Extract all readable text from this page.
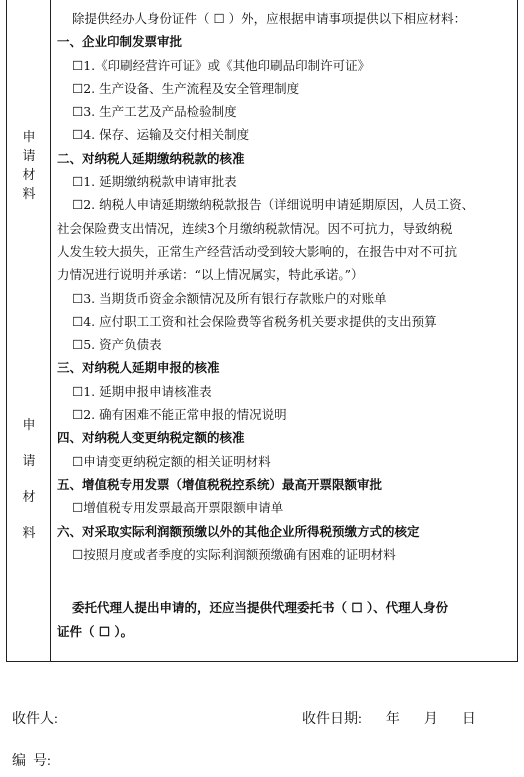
申
请
材
料
申
请
材
料
除提供经办人身份证件（ ☐ ）外，应根据申请事项提供以下相应材料：
一、企业印制发票审批
☐1.《印刷经营许可证》或《其他印刷品印制许可证》
☐2. 生产设备、生产流程及安全管理制度
☐3. 生产工艺及产品检验制度
☐4. 保存、运输及交付相关制度
二、对纳税人延期缴纳税款的核准
☐1. 延期缴纳税款申请审批表
☐2. 纳税人申请延期缴纳税款报告（详细说明申请延期原因，人员工资、
社会保险费支出情况，连续3个月缴纳税款情况。因不可抗力，导致纳税
人发生较大损失，正常生产经营活动受到较大影响的，在报告中对不可抗
力情况进行说明并承诺：“以上情况属实，特此承诺。”）
☐3. 当期货币资金余额情况及所有银行存款账户的对账单
☐4. 应付职工工资和社会保险费等省税务机关要求提供的支出预算
☐5. 资产负债表
三、对纳税人延期申报的核准
☐1. 延期申报申请核准表
☐2. 确有困难不能正常申报的情况说明
四、对纳税人变更纳税定额的核准
☐申请变更纳税定额的相关证明材料
五、增值税专用发票（增值税税控系统）最高开票限额审批
☐增值税专用发票最高开票限额申请单
六、对采取实际利润额预缴以外的其他企业所得税预缴方式的核定
☐按照月度或者季度的实际利润额预缴确有困难的证明材料
委托代理人提出申请的，还应当提供代理委托书（ ☐ ）、代理人身份
证件（ ☐ ）。
收件人:	收件日期: 年 月 日
编  号:
